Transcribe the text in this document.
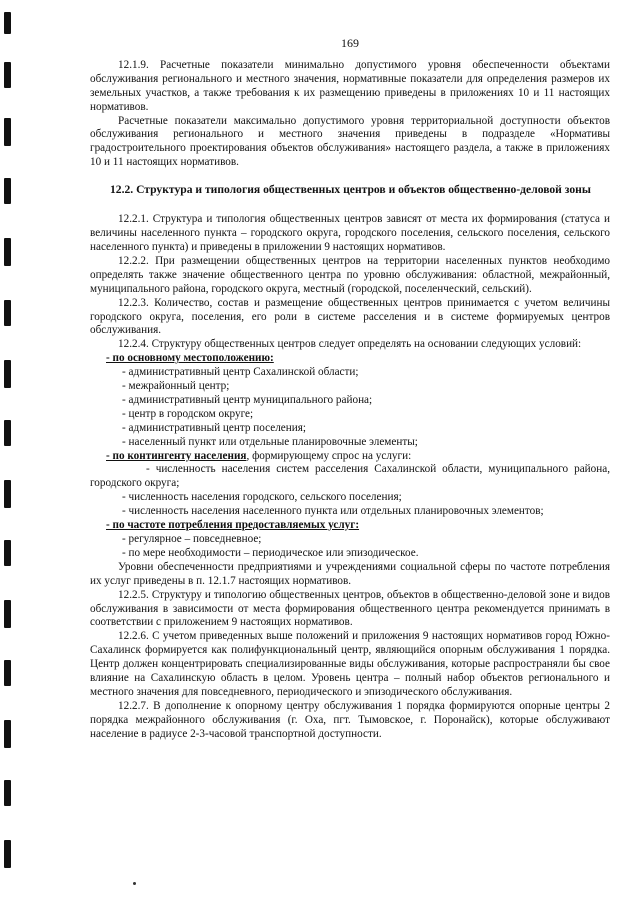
169

12.1.9. Расчетные показатели минимально допустимого уровня обеспеченности объектами обслуживания регионального и местного значения, нормативные показатели для определения размеров их земельных участков, а также требования к их размещению приведены в приложениях 10 и 11 настоящих нормативов.

Расчетные показатели максимально допустимого уровня территориальной доступности объектов обслуживания регионального и местного значения приведены в подразделе «Нормативы градостроительного проектирования объектов обслуживания» настоящего раздела, а также в приложениях 10 и 11 настоящих нормативов.

12.2. Структура и типология общественных центров и объектов общественно-деловой зоны

12.2.1. Структура и типология общественных центров зависят от места их формирования (статуса и величины населенного пункта – городского округа, городского поселения, сельского поселения, сельского населенного пункта) и приведены в приложении 9 настоящих нормативов.

12.2.2. При размещении общественных центров на территории населенных пунктов необходимо определять также значение общественного центра по уровню обслуживания: областной, межрайонный, муниципального района, городского округа, местный (городской, поселенческий, сельский).

12.2.3. Количество, состав и размещение общественных центров принимается с учетом величины городского округа, поселения, его роли в системе расселения и в системе формируемых центров обслуживания.

12.2.4. Структуру общественных центров следует определять на основании следующих условий:

- по основному местоположению:

- административный центр Сахалинской области;

- межрайонный центр;

- административный центр муниципального района;

- центр в городском округе;

- административный центр поселения;

- населенный пункт или отдельные планировочные элементы;

- по контингенту населения, формирующему спрос на услуги:

- численность населения систем расселения Сахалинской области, муниципального района, городского округа;

- численность населения городского, сельского поселения;

- численность населения населенного пункта или отдельных планировочных элементов;

- по частоте потребления предоставляемых услуг:

- регулярное – повседневное;

- по мере необходимости – периодическое или эпизодическое.

Уровни обеспеченности предприятиями и учреждениями социальной сферы по частоте потребления их услуг приведены в п. 12.1.7 настоящих нормативов.

12.2.5. Структуру и типологию общественных центров, объектов в общественно-деловой зоне и видов обслуживания в зависимости от места формирования общественного центра рекомендуется принимать в соответствии с приложением 9 настоящих нормативов.

12.2.6. С учетом приведенных выше положений и приложения 9 настоящих нормативов город Южно-Сахалинск формируется как полифункциональный центр, являющийся опорным обслуживания 1 порядка. Центр должен концентрировать специализированные виды обслуживания, которые распространяли бы свое влияние на Сахалинскую область в целом. Уровень центра – полный набор объектов регионального и местного значения для повседневного, периодического и эпизодического обслуживания.

12.2.7. В дополнение к опорному центру обслуживания 1 порядка формируются опорные центры 2 порядка межрайонного обслуживания (г. Оха, пгт. Тымовское, г. Поронайск), которые обслуживают население в радиусе 2-3-часовой транспортной доступности.
